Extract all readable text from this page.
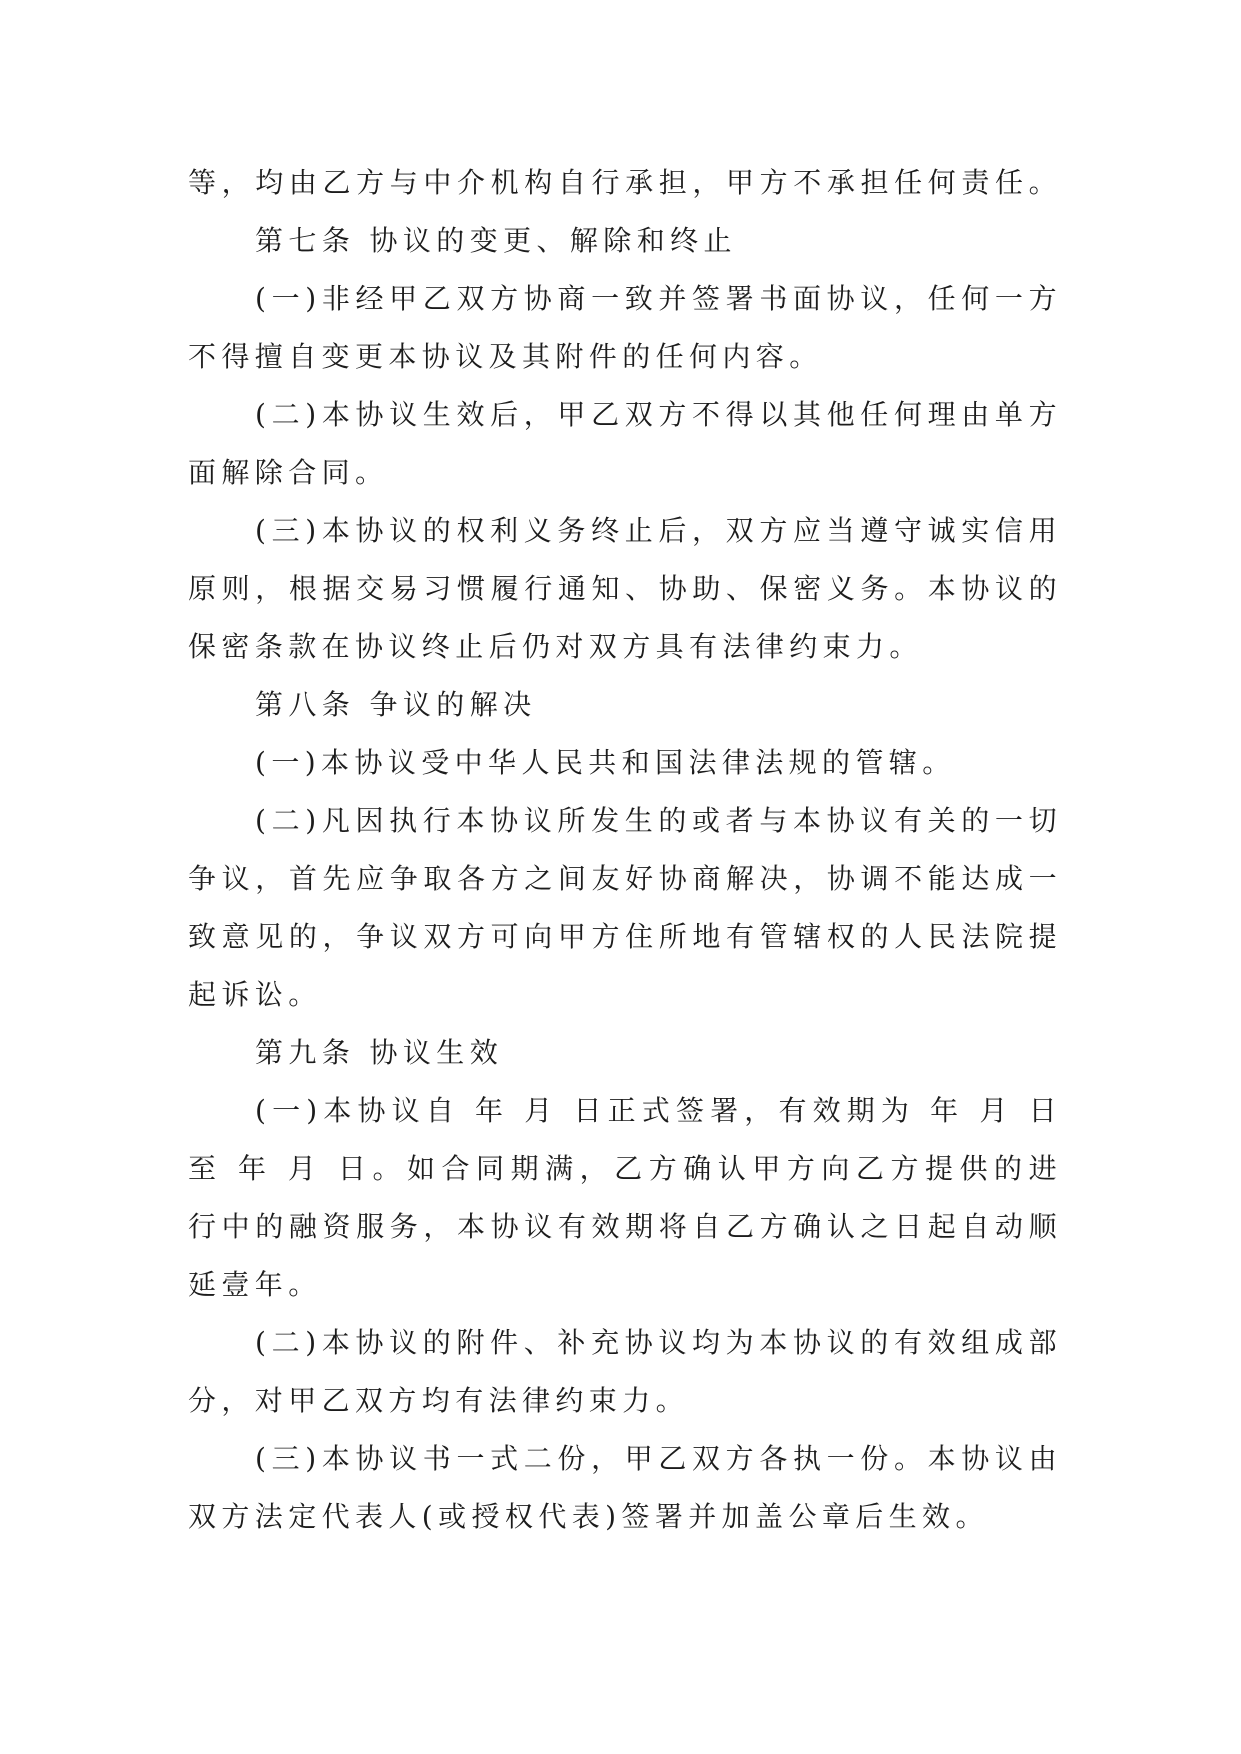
等，均由乙方与中介机构自行承担，甲方不承担任何责任。
第七条 协议的变更、解除和终止
(一)非经甲乙双方协商一致并签署书面协议，任何一方
不得擅自变更本协议及其附件的任何内容。
(二)本协议生效后，甲乙双方不得以其他任何理由单方
面解除合同。
(三)本协议的权利义务终止后，双方应当遵守诚实信用
原则，根据交易习惯履行通知、协助、保密义务。本协议的
保密条款在协议终止后仍对双方具有法律约束力。
第八条 争议的解决
(一)本协议受中华人民共和国法律法规的管辖。
(二)凡因执行本协议所发生的或者与本协议有关的一切
争议，首先应争取各方之间友好协商解决，协调不能达成一
致意见的，争议双方可向甲方住所地有管辖权的人民法院提
起诉讼。
第九条 协议生效
(一)本协议自 年 月 日正式签署，有效期为 年 月 日
至 年 月 日。如合同期满，乙方确认甲方向乙方提供的进
行中的融资服务，本协议有效期将自乙方确认之日起自动顺
延壹年。
(二)本协议的附件、补充协议均为本协议的有效组成部
分，对甲乙双方均有法律约束力。
(三)本协议书一式二份，甲乙双方各执一份。本协议由
双方法定代表人(或授权代表)签署并加盖公章后生效。
